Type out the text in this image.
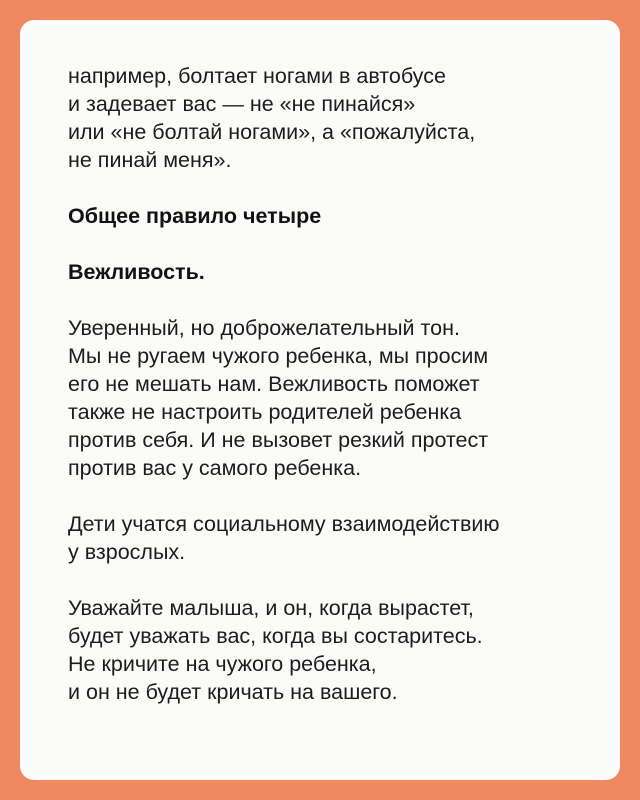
например, болтает ногами в автобусе
и задевает вас — не «не пинайся»
или «не болтай ногами», а «пожалуйста,
не пинай меня».

Общее правило четыре

Вежливость.

Уверенный, но доброжелательный тон.
Мы не ругаем чужого ребенка, мы просим
его не мешать нам. Вежливость поможет
также не настроить родителей ребенка
против себя. И не вызовет резкий протест
против вас у самого ребенка.

Дети учатся социальному взаимодействию
у взрослых.

Уважайте малыша, и он, когда вырастет,
будет уважать вас, когда вы состаритесь.
Не кричите на чужого ребенка,
и он не будет кричать на вашего.
